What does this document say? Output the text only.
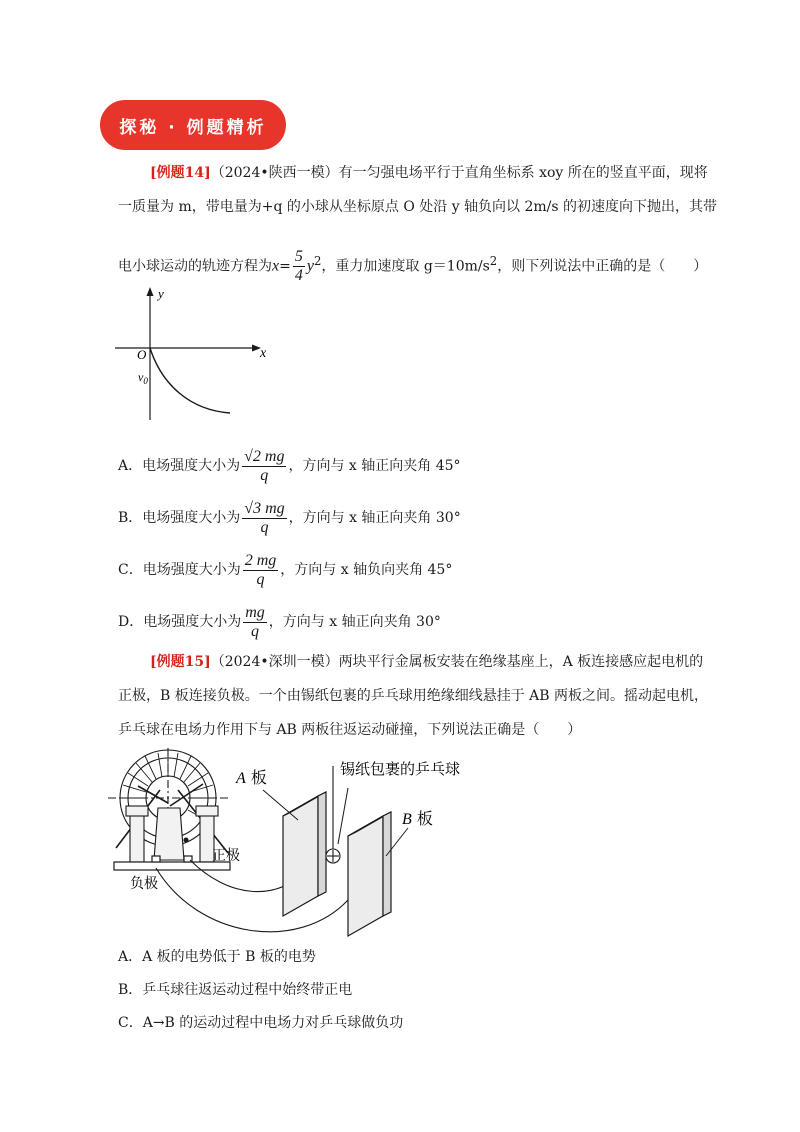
探秘 · 例题精析
[例题14]（2024•陕西一模）有一匀强电场平行于直角坐标系 xoy 所在的竖直平面，现将
一质量为 m，带电量为+q 的小球从坐标原点 O 处沿 y 轴负向以 2m/s 的初速度向下抛出，其带
电小球运动的轨迹方程为$x= \frac{5}{4} y^2$，重力加速度取 $g=10m/s^2$，则下列说法中正确的是（　　）
y
x
O
$v_0$
A．电场强度大小为 $\frac{√2 mg}{q}$ ，方向与 x 轴正向夹角 45°
B．电场强度大小为 $\frac{√3 mg}{q}$ ，方向与 x 轴正向夹角 30°
C．电场强度大小为 $\frac{2 mg}{q}$ ，方向与 x 轴负向夹角 45°
D．电场强度大小为 $\frac{mg}{q}$ ，方向与 x 轴正向夹角 30°
[例题15]（2024•深圳一模）两块平行金属板安装在绝缘基座上，A 板连接感应起电机的
正极，B 板连接负极。一个由锡纸包裹的乒乓球用绝缘细线悬挂于 AB 两板之间。摇动起电机，
乒乓球在电场力作用下与 AB 两板往返运动碰撞，下列说法正确是（　　）
A 板	锡纸包裹的乒乓球
B 板
正极
负极
A．A 板的电势低于 B 板的电势
B．乒乓球往返运动过程中始终带正电
C．A→B 的运动过程中电场力对乒乓球做负功
